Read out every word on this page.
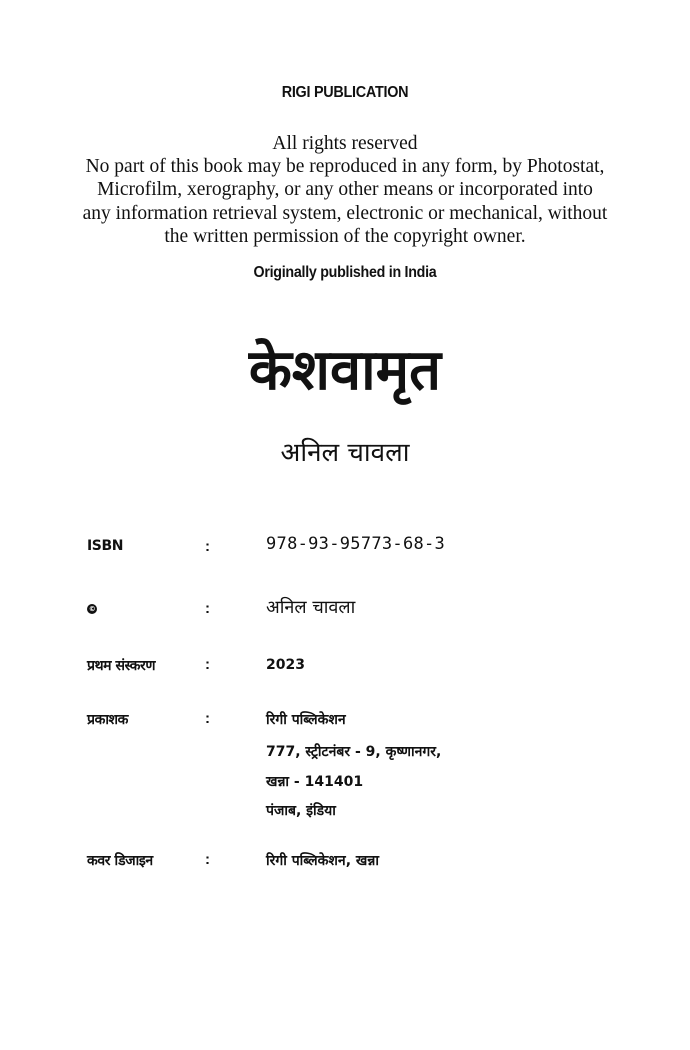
RIGI PUBLICATION
All rights reserved
No part of this book may be reproduced in any form, by Photostat,
Microfilm, xerography, or any other means or incorporated into
any information retrieval system, electronic or mechanical, without
the written permission of the copyright owner.
Originally published in India
केशवामृत
अनिल चावला
ISBN	:	978-93-95773-68-3
©	:	अनिल चावला
प्रथम संस्करण	:	2023
प्रकाशक	:	रिगी पब्लिकेशन
777, स्ट्रीटनंबर - 9, कृष्णानगर,
खन्ना - 141401
पंजाब, इंडिया
कवर डिजाइन	:	रिगी पब्लिकेशन, खन्ना
